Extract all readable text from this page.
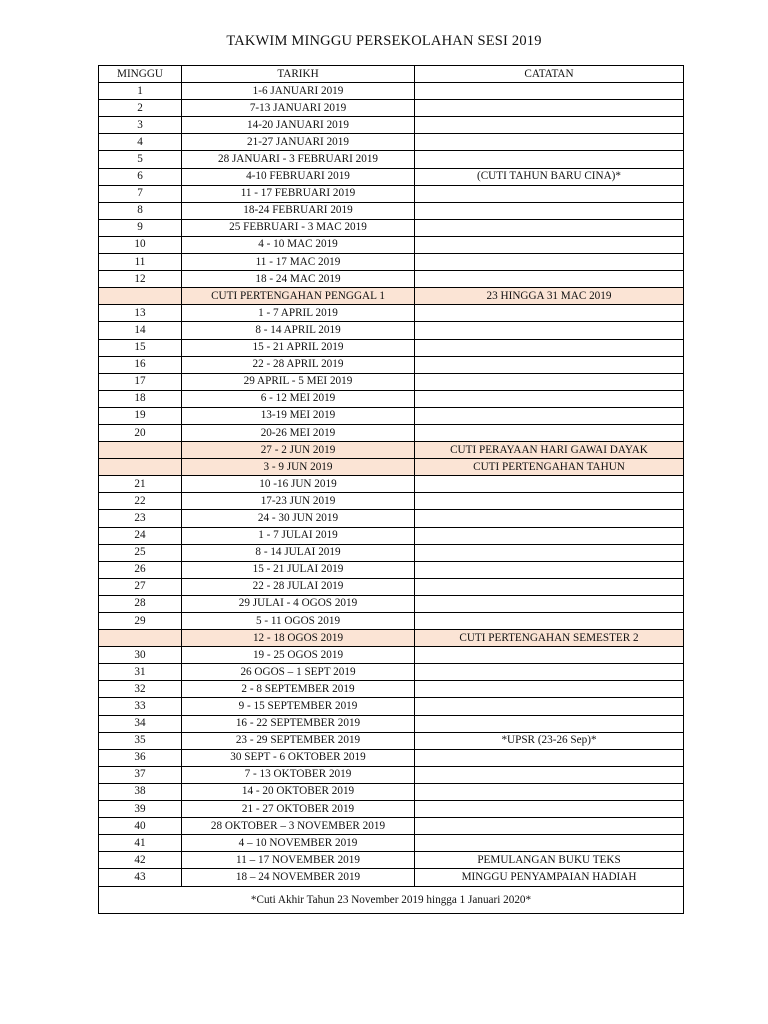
TAKWIM MINGGU PERSEKOLAHAN SESI 2019
MINGGU	TARIKH	CATATAN
1	1-6 JANUARI 2019	
2	7-13 JANUARI 2019	
3	14-20 JANUARI 2019	
4	21-27 JANUARI 2019	
5	28 JANUARI - 3 FEBRUARI 2019	
6	4-10 FEBRUARI 2019	(CUTI TAHUN BARU CINA)*
7	11 - 17 FEBRUARI 2019	
8	18-24 FEBRUARI 2019	
9	25 FEBRUARI - 3 MAC 2019	
10	4 - 10 MAC 2019	
11	11 - 17 MAC 2019	
12	18 - 24 MAC 2019	
	CUTI PERTENGAHAN PENGGAL 1	23 HINGGA 31 MAC 2019
13	1 - 7 APRIL 2019	
14	8 - 14 APRIL 2019	
15	15 - 21 APRIL 2019	
16	22 - 28 APRIL 2019	
17	29 APRIL - 5 MEI 2019	
18	6 - 12 MEI 2019	
19	13-19 MEI 2019	
20	20-26 MEI 2019	
	27 - 2 JUN 2019	CUTI PERAYAAN HARI GAWAI DAYAK
	3 - 9 JUN 2019	CUTI PERTENGAHAN TAHUN
21	10 -16 JUN 2019	
22	17-23 JUN 2019	
23	24 - 30 JUN 2019	
24	1 - 7 JULAI 2019	
25	8 - 14 JULAI 2019	
26	15 - 21 JULAI 2019	
27	22 - 28 JULAI 2019	
28	29 JULAI - 4 OGOS 2019	
29	5 - 11 OGOS 2019	
	12 - 18 OGOS 2019	CUTI PERTENGAHAN SEMESTER 2
30	19 - 25 OGOS 2019	
31	26 OGOS – 1 SEPT 2019	
32	2 - 8 SEPTEMBER 2019	
33	9 - 15 SEPTEMBER 2019	
34	16 - 22 SEPTEMBER 2019	
35	23 - 29 SEPTEMBER 2019	*UPSR (23-26 Sep)*
36	30 SEPT - 6 OKTOBER 2019	
37	7 - 13 OKTOBER 2019	
38	14 - 20 OKTOBER 2019	
39	21 - 27 OKTOBER 2019	
40	28 OKTOBER – 3 NOVEMBER 2019	
41	4 – 10 NOVEMBER 2019	
42	11 – 17 NOVEMBER 2019	PEMULANGAN BUKU TEKS
43	18 – 24 NOVEMBER 2019	MINGGU PENYAMPAIAN HADIAH
*Cuti Akhir Tahun 23 November 2019 hingga 1 Januari 2020*		
